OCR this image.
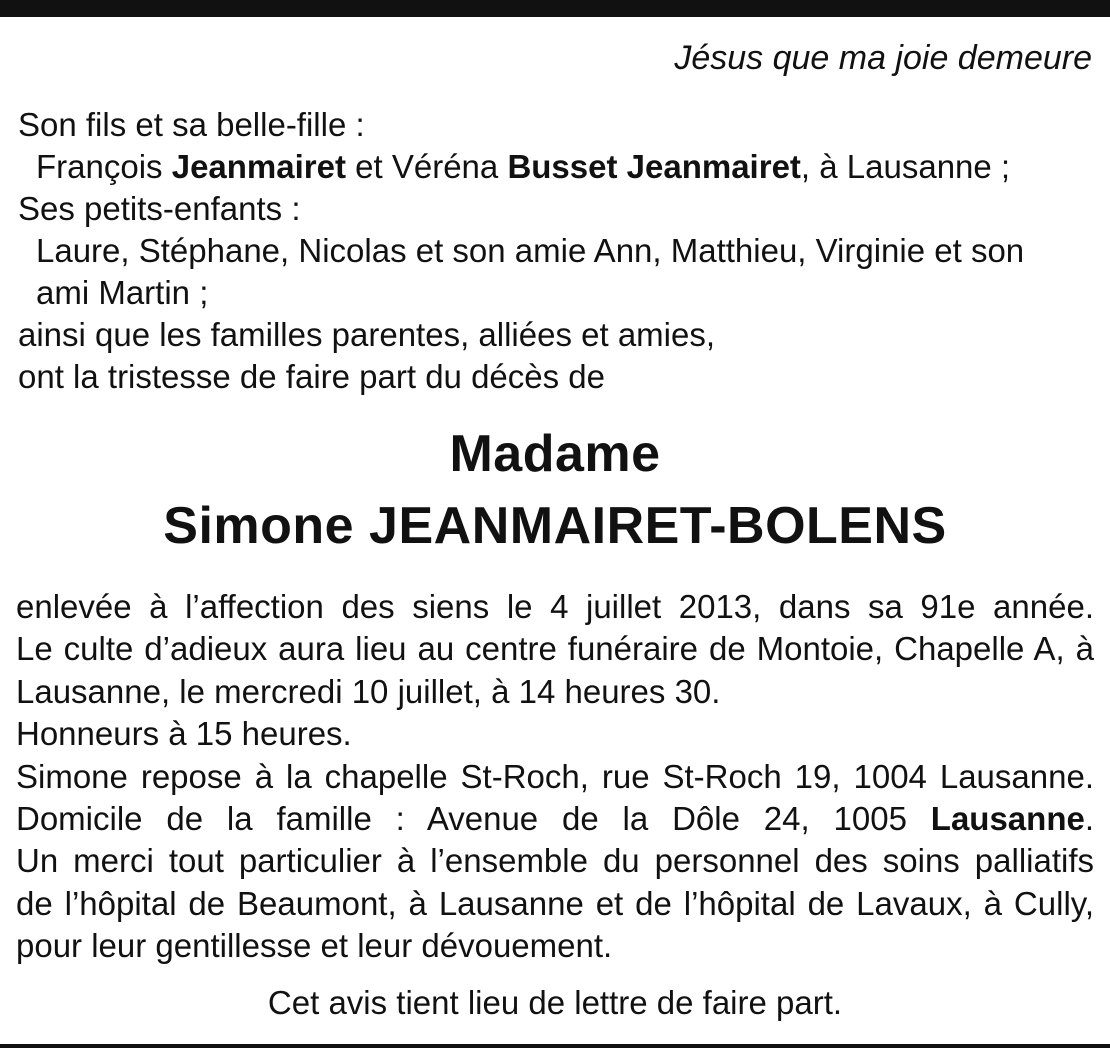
Jésus que ma joie demeure
Son fils et sa belle-fille :
François Jeanmairet et Véréna Busset Jeanmairet, à Lausanne ;
Ses petits-enfants :
Laure, Stéphane, Nicolas et son amie Ann, Matthieu, Virginie et son
ami Martin ;
ainsi que les familles parentes, alliées et amies,
ont la tristesse de faire part du décès de
Madame
Simone JEANMAIRET-BOLENS
enlevée à l’affection des siens le 4 juillet 2013, dans sa 91e année.
Le culte d’adieux aura lieu au centre funéraire de Montoie, Chapelle A, à
Lausanne, le mercredi 10 juillet, à 14 heures 30.
Honneurs à 15 heures.
Simone repose à la chapelle St-Roch, rue St-Roch 19, 1004 Lausanne.
Domicile de la famille : Avenue de la Dôle 24, 1005 Lausanne.
Un merci tout particulier à l’ensemble du personnel des soins palliatifs
de l’hôpital de Beaumont, à Lausanne et de l’hôpital de Lavaux, à Cully,
pour leur gentillesse et leur dévouement.
Cet avis tient lieu de lettre de faire part.
